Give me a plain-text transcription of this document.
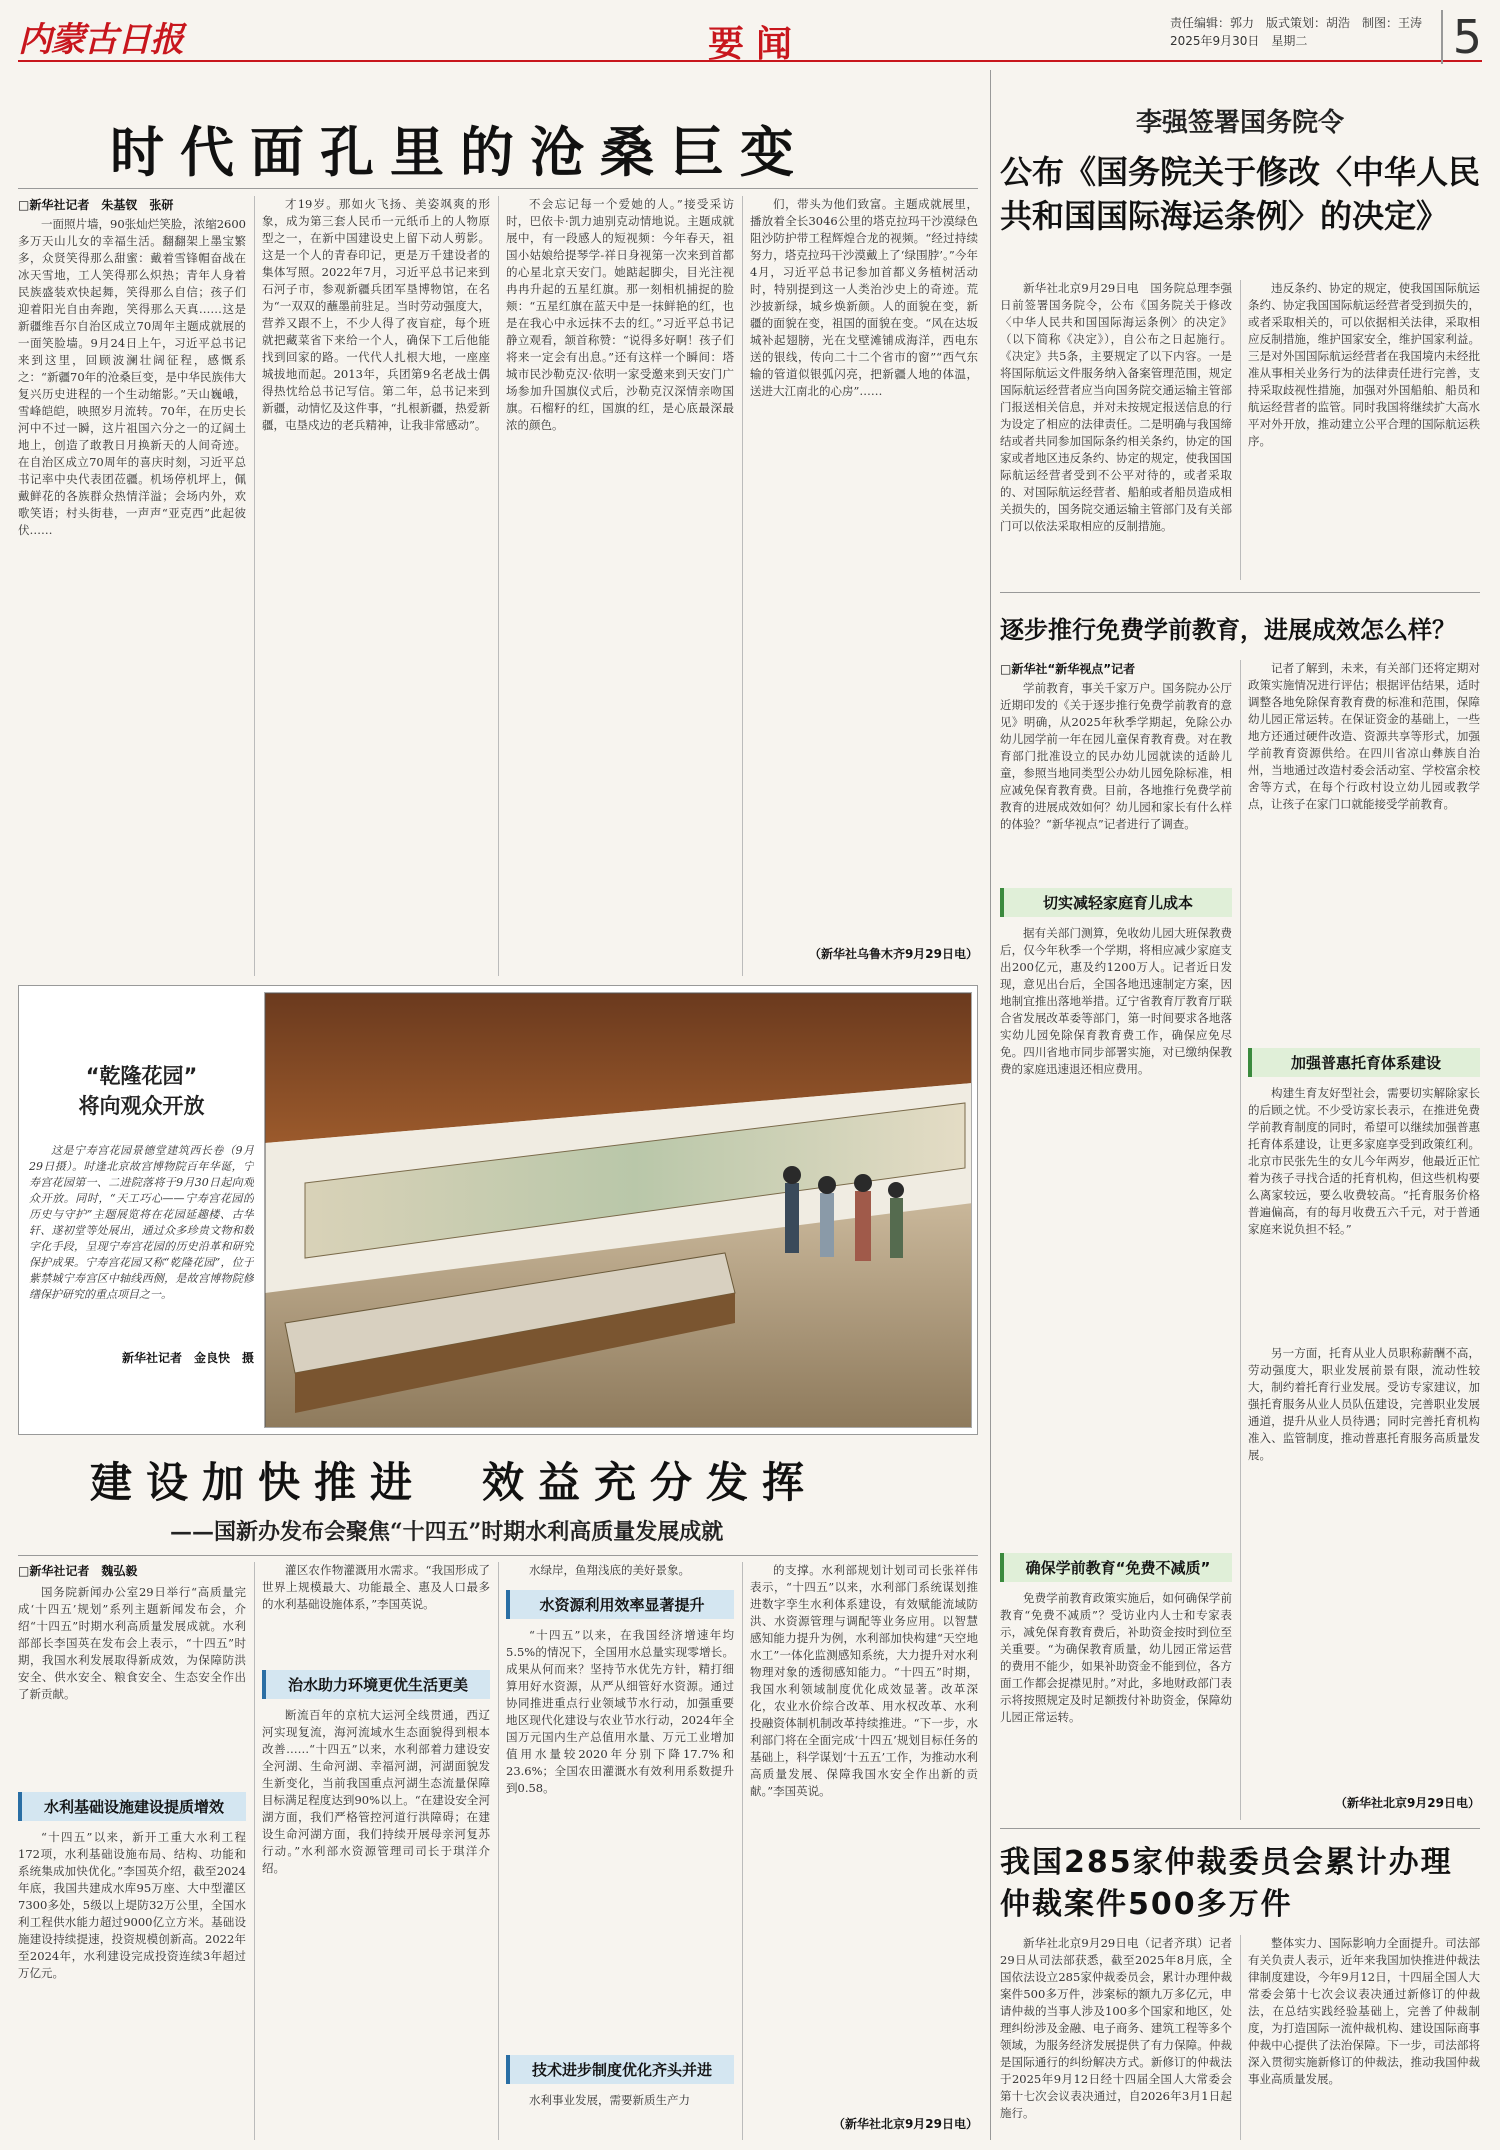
内蒙古日报	要闻	责任编辑：郭力　版式策划：胡浩　制图：王涛
2025年9月30日　星期二	5
时代面孔里的沧桑巨变
□新华社记者　朱基钗　张研

一面照片墙，90张灿烂笑脸，浓缩2600多万天山儿女的幸福生活。翻翻架上墨宝繁多，众贤笑得那么甜蜜：戴着雪锋帽奋战在冰天雪地，工人笑得那么炽热；青年人身着民族盛装欢快起舞，笑得那么自信；孩子们迎着阳光自由奔跑，笑得那么天真……这是新疆维吾尔自治区成立70周年主题成就展的一面笑脸墙。9月24日上午，习近平总书记来到这里，回顾波澜壮阔征程，感慨系之：“新疆70年的沧桑巨变，是中华民族伟大复兴历史进程的一个生动缩影。”天山巍峨，雪峰皑皑，映照岁月流转。70年，在历史长河中不过一瞬，这片祖国六分之一的辽阔土地上，创造了敢教日月换新天的人间奇迹。在自治区成立70周年的喜庆时刻，习近平总书记率中央代表团莅疆。机场停机坪上，佩戴鲜花的各族群众热情洋溢；会场内外，欢歌笑语；村头街巷，一声声“亚克西”此起彼伏……

才19岁。那如火飞扬、美姿飒爽的形象，成为第三套人民币一元纸币上的人物原型之一，在新中国建设史上留下动人剪影。这是一个人的青春印记，更是万千建设者的集体写照。2022年7月，习近平总书记来到石河子市，参观新疆兵团军垦博物馆，在名为“一双双的蘸墨前驻足。当时劳动强度大，营养又跟不上，不少人得了夜盲症，每个班就把藏菜省下来给一个人，确保下工后他能找到回家的路。一代代人扎根大地，一座座城拔地而起。2013年，兵团第9名老战士偶得热忱给总书记写信。第二年，总书记来到新疆，动情忆及这件事，“扎根新疆，热爱新疆，屯垦戍边的老兵精神，让我非常感动”。

不会忘记每一个爱她的人。”接受采访时，巴依卡·凯力迪别克动情地说。主题成就展中，有一段感人的短视频：今年春天，祖国小姑娘给提琴学-祥日身视第一次来到首都的心星北京天安门。她踮起脚尖，目光注视冉冉升起的五星红旗。那一刻相机捕捉的脸颊：“五星红旗在蓝天中是一抹鲜艳的红，也是在我心中永远抹不去的红。”习近平总书记静立观看，颔首称赞：“说得多好啊！孩子们将来一定会有出息。”还有这样一个瞬间：塔城市民沙勒克汉·依明一家受邀来到天安门广场参加升国旗仪式后，沙勒克汉深情亲吻国旗。石榴籽的红，国旗的红，是心底最深最浓的颜色。

们，带头为他们致富。主题成就展里，播放着全长3046公里的塔克拉玛干沙漠绿色阻沙防护带工程辉煌合龙的视频。“经过持续努力，塔克拉玛干沙漠戴上了‘绿围脖’。”今年4月，习近平总书记参加首都义务植树活动时，特别提到这一人类治沙史上的奇迹。荒沙披新绿，城乡焕新颜。人的面貌在变，新疆的面貌在变，祖国的面貌在变。“风在达坂城补起翅膀，光在戈壁滩铺成海洋，西电东送的银线，传向二十二个省市的窗”“西气东输的管道似银弧闪亮，把新疆人地的体温，送进大江南北的心房”……

（新华社乌鲁木齐9月29日电）
“乾隆花园”
将向观众开放

这是宁寿宫花园景德堂建筑西长卷（9月29日摄）。时逢北京故宫博物院百年华诞，宁寿宫花园第一、二进院落将于9月30日起向观众开放。同时，“天工巧心——宁寿宫花园的历史与守护”主题展览将在花园延趣楼、古华轩、遂初堂等处展出，通过众多珍贵文物和数字化手段，呈现宁寿宫花园的历史沿革和研究保护成果。宁寿宫花园又称“乾隆花园”，位于紫禁城宁寿宫区中轴线西侧，是故宫博物院修缮保护研究的重点项目之一。

新华社记者　金良快　摄
建设加快推进　效益充分发挥
——国新办发布会聚焦“十四五”时期水利高质量发展成就
□新华社记者　魏弘毅

国务院新闻办公室29日举行“高质量完成‘十四五’规划”系列主题新闻发布会，介绍“十四五”时期水利高质量发展成就。水利部部长李国英在发布会上表示，“十四五”时期，我国水利发展取得新成效，为保障防洪安全、供水安全、粮食安全、生态安全作出了新贡献。

水利基础设施建设提质增效

“十四五”以来，新开工重大水利工程172项，水利基础设施布局、结构、功能和系统集成加快优化。”李国英介绍，截至2024年底，我国共建成水库95万座、大中型灌区7300多处，5级以上堤防32万公里，全国水利工程供水能力超过9000亿立方米。基础设施建设持续提速，投资规模创新高。2022年至2024年，水利建设完成投资连续3年超过万亿元。

灌区农作物灌溉用水需求。“我国形成了世界上规模最大、功能最全、惠及人口最多的水利基础设施体系，”李国英说。

治水助力环境更优生活更美

断流百年的京杭大运河全线贯通，西辽河实现复流，海河流域水生态面貌得到根本改善……“十四五”以来，水利部着力建设安全河湖、生命河湖、幸福河湖，河湖面貌发生新变化，当前我国重点河湖生态流量保障目标满足程度达到90%以上。“在建设安全河湖方面，我们严格管控河道行洪障碍；在建设生命河湖方面，我们持续开展母亲河复苏行动。”水利部水资源管理司司长于琪洋介绍。

水绿岸，鱼翔浅底的美好景象。

水资源利用效率显著提升

“十四五”以来，在我国经济增速年均5.5%的情况下，全国用水总量实现零增长。成果从何而来？坚持节水优先方针，精打细算用好水资源，从严从细管好水资源。通过协同推进重点行业领域节水行动，加强重要地区现代化建设与农业节水行动，2024年全国万元国内生产总值用水量、万元工业增加值用水量较2020年分别下降17.7%和23.6%；全国农田灌溉水有效利用系数提升到0.58。

技术进步制度优化齐头并进

水利事业发展，需要新质生产力

的支撑。水利部规划计划司司长张祥伟表示，“十四五”以来，水利部门系统谋划推进数字孪生水利体系建设，有效赋能流域防洪、水资源管理与调配等业务应用。以智慧感知能力提升为例，水利部加快构建“天空地水工”一体化监测感知系统，大力提升对水利物理对象的透彻感知能力。“十四五”时期，我国水利领域制度优化成效显著。改革深化，农业水价综合改革、用水权改革、水利投融资体制机制改革持续推进。“下一步，水利部门将在全面完成‘十四五’规划目标任务的基础上，科学谋划‘十五五’工作，为推动水利高质量发展、保障我国水安全作出新的贡献。”李国英说。

（新华社北京9月29日电）
李强签署国务院令
公布《国务院关于修改〈中华人民共和国国际海运条例〉的决定》

新华社北京9月29日电　国务院总理李强日前签署国务院令，公布《国务院关于修改〈中华人民共和国国际海运条例〉的决定》（以下简称《决定》），自公布之日起施行。《决定》共5条，主要规定了以下内容。一是将国际航运文件服务纳入备案管理范围，规定国际航运经营者应当向国务院交通运输主管部门报送相关信息，并对未按规定报送信息的行为设定了相应的法律责任。二是明确与我国缔结或者共同参加国际条约相关条约，协定的国家或者地区违反条约、协定的规定，使我国国际航运经营者受到不公平对待的，或者采取的、对国际航运经营者、船舶或者船员造成相关损失的，国务院交通运输主管部门及有关部门可以依法采取相应的反制措施。

违反条约、协定的规定，使我国国际航运条约、协定我国国际航运经营者受到损失的，或者采取相关的，可以依据相关法律，采取相应反制措施，维护国家安全，维护国家利益。三是对外国国际航运经营者在我国境内未经批准从事相关业务行为的法律责任进行完善，支持采取歧视性措施，加强对外国船舶、船员和航运经营者的监管。同时我国将继续扩大高水平对外开放，推动建立公平合理的国际航运秩序。

逐步推行免费学前教育，进展成效怎么样？
□新华社“新华视点”记者

学前教育，事关千家万户。国务院办公厅近期印发的《关于逐步推行免费学前教育的意见》明确，从2025年秋季学期起，免除公办幼儿园学前一年在园儿童保育教育费。对在教育部门批准设立的民办幼儿园就读的适龄儿童，参照当地同类型公办幼儿园免除标准，相应减免保育教育费。目前，各地推行免费学前教育的进展成效如何？幼儿园和家长有什么样的体验？“新华视点”记者进行了调查。

切实减轻家庭育儿成本

据有关部门测算，免收幼儿园大班保教费后，仅今年秋季一个学期，将相应减少家庭支出200亿元，惠及约1200万人。记者近日发现，意见出台后，全国各地迅速制定方案，因地制宜推出落地举措。辽宁省教育厅教育厅联合省发展改革委等部门，第一时间要求各地落实幼儿园免除保育教育费工作，确保应免尽免。四川省地市同步部署实施，对已缴纳保教费的家庭迅速退还相应费用。

确保学前教育“免费不减质”

免费学前教育政策实施后，如何确保学前教育“免费不减质”？受访业内人士和专家表示，减免保育教育费后，补助资金按时到位至关重要。“为确保教育质量，幼儿园正常运营的费用不能少，如果补助资金不能到位，各方面工作都会捉襟见肘。”对此，多地财政部门表示将按照规定及时足额拨付补助资金，保障幼儿园正常运转。

记者了解到，未来，有关部门还将定期对政策实施情况进行评估；根据评估结果，适时调整各地免除保育教育费的标准和范围，保障幼儿园正常运转。在保证资金的基础上，一些地方还通过硬件改造、资源共享等形式，加强学前教育资源供给。在四川省凉山彝族自治州，当地通过改造村委会活动室、学校富余校舍等方式，在每个行政村设立幼儿园或教学点，让孩子在家门口就能接受学前教育。

加强普惠托育体系建设

构建生育友好型社会，需要切实解除家长的后顾之忧。不少受访家长表示，在推进免费学前教育制度的同时，希望可以继续加强普惠托育体系建设，让更多家庭享受到政策红利。北京市民张先生的女儿今年两岁，他最近正忙着为孩子寻找合适的托育机构，但这些机构要么离家较远，要么收费较高。“托育服务价格普遍偏高，有的每月收费五六千元，对于普通家庭来说负担不轻。”

另一方面，托育从业人员职称薪酬不高，劳动强度大，职业发展前景有限，流动性较大，制约着托育行业发展。受访专家建议，加强托育服务从业人员队伍建设，完善职业发展通道，提升从业人员待遇；同时完善托育机构准入、监管制度，推动普惠托育服务高质量发展。

（新华社北京9月29日电）
我国285家仲裁委员会累计办理仲裁案件500多万件

新华社北京9月29日电（记者齐琪）记者29日从司法部获悉，截至2025年8月底，全国依法设立285家仲裁委员会，累计办理仲裁案件500多万件，涉案标的额九万多亿元，申请仲裁的当事人涉及100多个国家和地区，处理纠纷涉及金融、电子商务、建筑工程等多个领域，为服务经济发展提供了有力保障。仲裁是国际通行的纠纷解决方式。新修订的仲裁法于2025年9月12日经十四届全国人大常委会第十七次会议表决通过，自2026年3月1日起施行。

整体实力、国际影响力全面提升。司法部有关负责人表示，近年来我国加快推进仲裁法律制度建设，今年9月12日，十四届全国人大常委会第十七次会议表决通过新修订的仲裁法，在总结实践经验基础上，完善了仲裁制度，为打造国际一流仲裁机构、建设国际商事仲裁中心提供了法治保障。下一步，司法部将深入贯彻实施新修订的仲裁法，推动我国仲裁事业高质量发展。
